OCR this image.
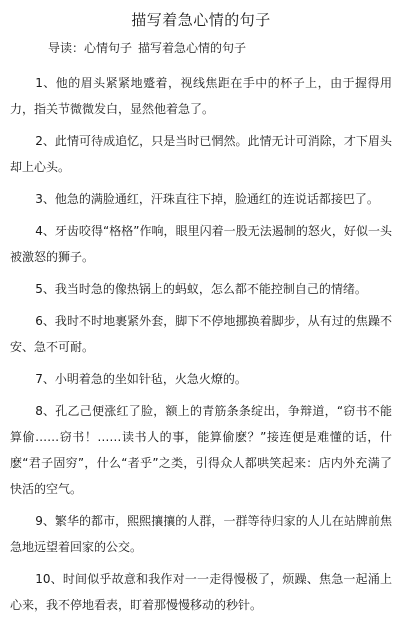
描写着急心情的句子
导读：心情句子 描写着急心情的句子
1、他的眉头紧紧地蹙着，视线焦距在手中的杯子上，由于握得用力，指关节微微发白，显然他着急了。
2、此情可待成追忆，只是当时已惘然。此情无计可消除，才下眉头却上心头。
3、他急的满脸通红，汗珠直往下掉，脸通红的连说话都接巴了。
4、牙齿咬得“格格”作响，眼里闪着一股无法遏制的怒火，好似一头被激怒的狮子。
5、我当时急的像热锅上的蚂蚁，怎么都不能控制自己的情绪。
6、我时不时地裹紧外套，脚下不停地挪换着脚步，从有过的焦躁不安、急不可耐。
7、小明着急的坐如针毡，火急火燎的。
8、孔乙己便涨红了脸，额上的青筋条条绽出，争辩道，“窃书不能算偷……窃书！……读书人的事，能算偷麽？”接连便是难懂的话，什麽“君子固穷”，什么“者乎”之类，引得众人都哄笑起来：店内外充满了快活的空气。
9、繁华的都市，熙熙攘攘的人群，一群等待归家的人儿在站牌前焦急地远望着回家的公交。
10、时间似乎故意和我作对一一走得慢极了，烦躁、焦急一起涌上心来，我不停地看表，盯着那慢慢移动的秒针。
